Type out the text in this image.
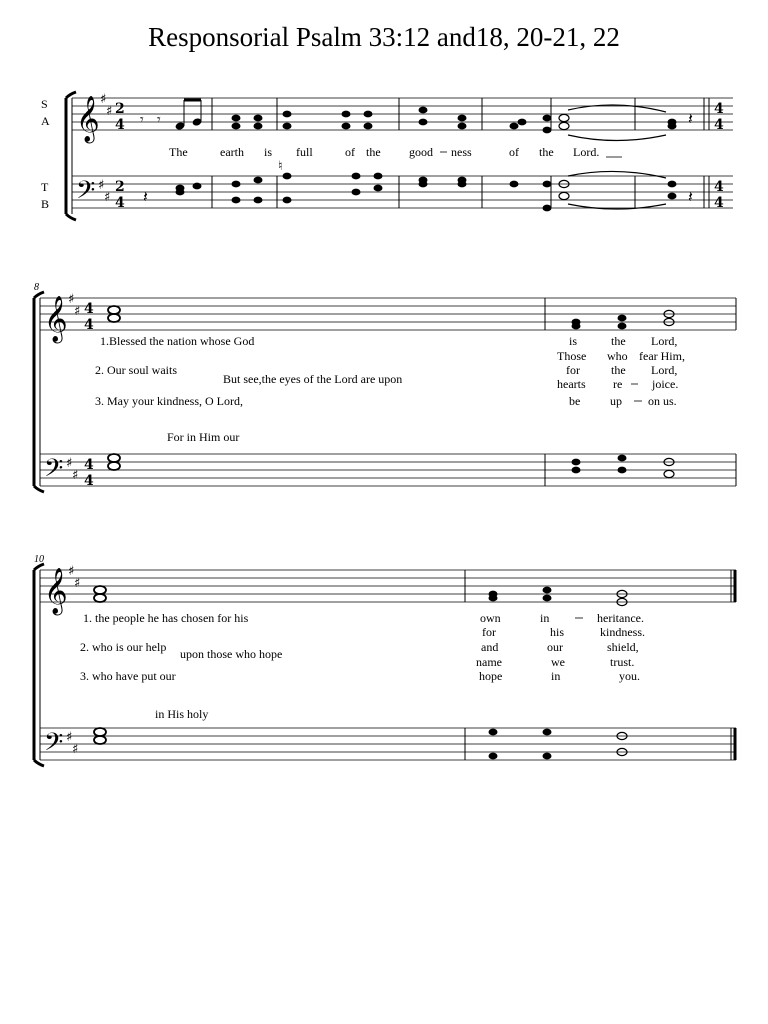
Responsorial Psalm 33:12 and18, 20-21, 22
S
A
T
B
𝄞
𝄢
♯
♯
♯
♯
2
4
2
4
𝄾 𝄾
𝄽
4
4
4
4
𝄽
♮
𝄽
The	earth is full	of the good ness	of the Lord.
8
𝄞
𝄢
♯
♯
♯
♯
4
4
4
4
1.Blessed the nation whose God
2. Our soul waits
But see,the eyes of the Lord are upon
3. May your kindness, O Lord,
For in Him our
is	the Lord,
Those who fear Him,
for	the Lord,
hearts re joice.
be up on us.
10
𝄞
𝄢
♯
♯
♯
♯
1. the people he has chosen for his
2. who is our help upon those who hope
3. who have put our
in His holy
own	in	heritance.
for	his	kindness.
and	our	shield,
name	we	trust.
hope	in	you.
